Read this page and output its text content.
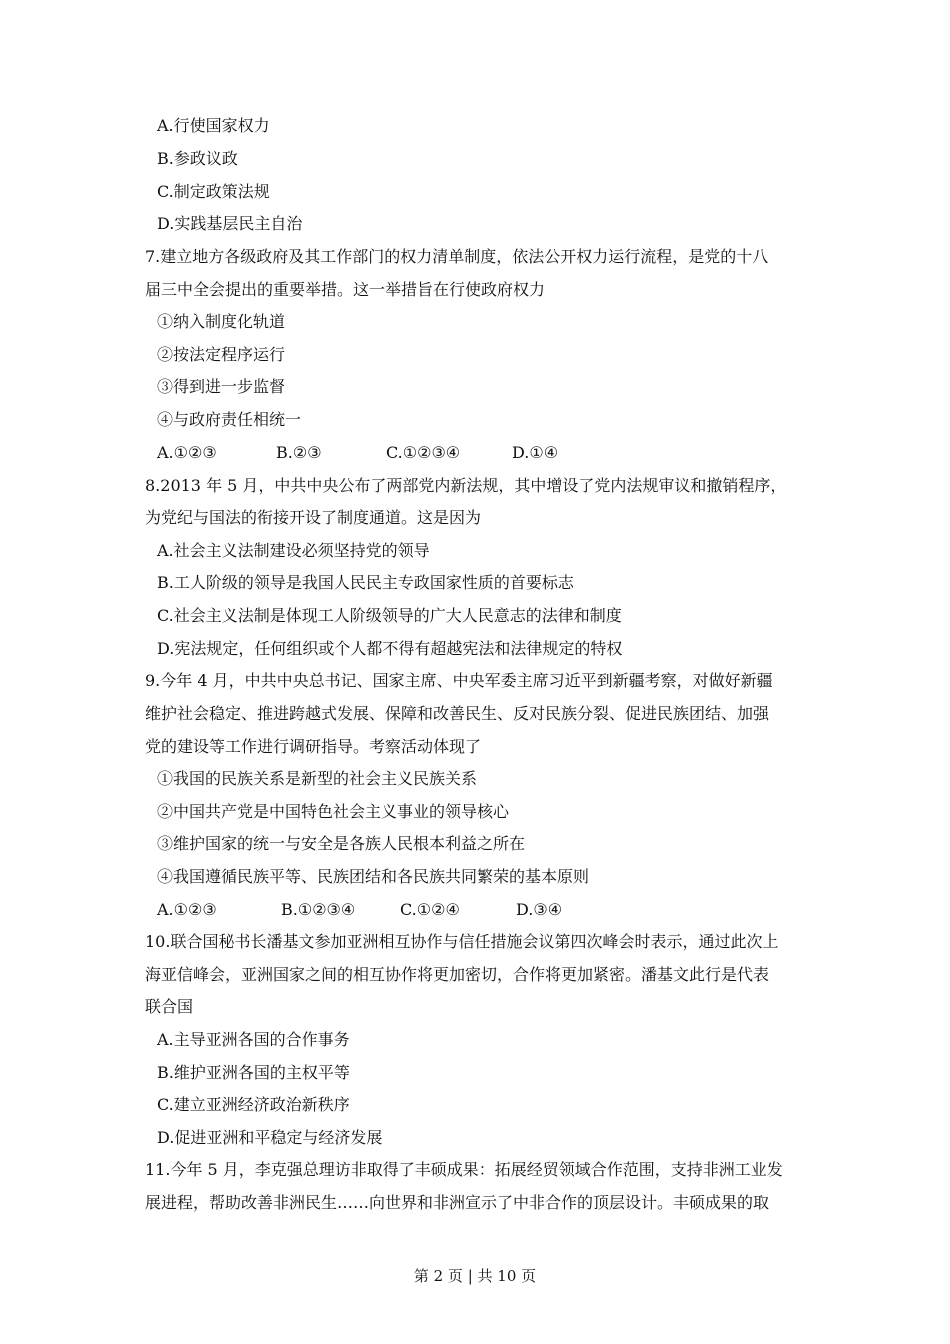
A.行使国家权力
B.参政议政
C.制定政策法规
D.实践基层民主自治
7.建立地方各级政府及其工作部门的权力清单制度，依法公开权力运行流程，是党的十八
届三中全会提出的重要举措。这一举措旨在行使政府权力
①纳入制度化轨道
②按法定程序运行
③得到进一步监督
④与政府责任相统一
A.①②③	B.②③	C.①②③④	D.①④
8.2013 年 5 月，中共中央公布了两部党内新法规，其中增设了党内法规审议和撤销程序，
为党纪与国法的衔接开设了制度通道。这是因为
A.社会主义法制建设必须坚持党的领导
B.工人阶级的领导是我国人民民主专政国家性质的首要标志
C.社会主义法制是体现工人阶级领导的广大人民意志的法律和制度
D.宪法规定，任何组织或个人都不得有超越宪法和法律规定的特权
9.今年 4 月，中共中央总书记、国家主席、中央军委主席习近平到新疆考察，对做好新疆
维护社会稳定、推进跨越式发展、保障和改善民生、反对民族分裂、促进民族团结、加强
党的建设等工作进行调研指导。考察活动体现了
①我国的民族关系是新型的社会主义民族关系
②中国共产党是中国特色社会主义事业的领导核心
③维护国家的统一与安全是各族人民根本利益之所在
④我国遵循民族平等、民族团结和各民族共同繁荣的基本原则
A.①②③	B.①②③④	C.①②④	D.③④
10.联合国秘书长潘基文参加亚洲相互协作与信任措施会议第四次峰会时表示，通过此次上
海亚信峰会，亚洲国家之间的相互协作将更加密切，合作将更加紧密。潘基文此行是代表
联合国
A.主导亚洲各国的合作事务
B.维护亚洲各国的主权平等
C.建立亚洲经济政治新秩序
D.促进亚洲和平稳定与经济发展
11.今年 5 月，李克强总理访非取得了丰硕成果：拓展经贸领域合作范围，支持非洲工业发
展进程，帮助改善非洲民生……向世界和非洲宣示了中非合作的顶层设计。丰硕成果的取
第 2 页 | 共 10 页
